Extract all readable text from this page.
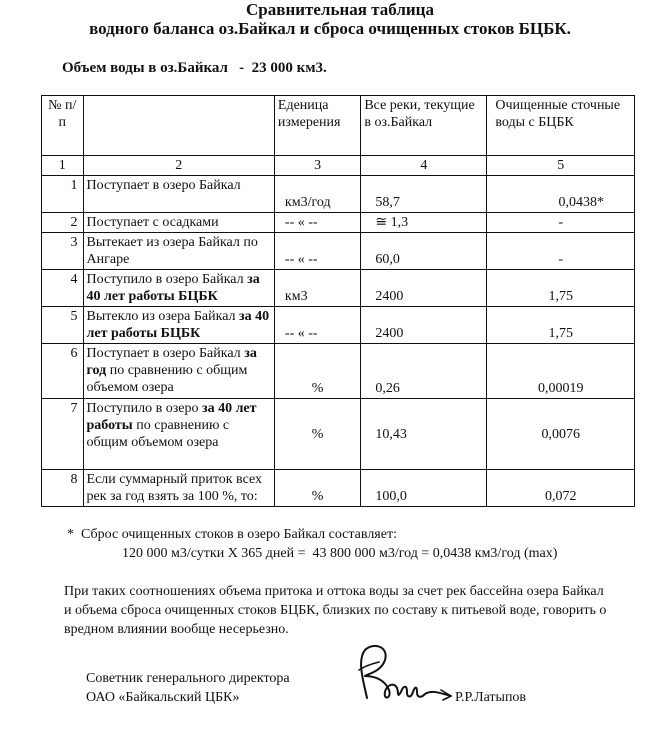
Сравнительная таблица
водного баланса оз.Байкал и сброса очищенных стоков БЦБК.
Объем воды в оз.Байкал   -  23 000 км3.
№ п/п		Еденица измерения	Все реки, текущие в оз.Байкал	Очищенные сточные воды с БЦБК
1	2	3	4	5
1	Поступает в озеро Байкал	км3/год	58,7	0,0438*
2	Поступает с осадками	-- « --	≅ 1,3	-
3	Вытекает из озера Байкал по Ангаре	-- « --	60,0	-
4	Поступило в озеро Байкал за 40 лет работы БЦБК	км3	2400	1,75
5	Вытекло из озера Байкал за 40 лет работы БЦБК	-- « --	2400	1,75
6	Поступает в озеро Байкал за год по сравнению с общим объемом озера	%	0,26	0,00019
7	Поступило в озеро за 40 лет работы по сравнению с общим объемом озера	%	10,43	0,0076
8	Если суммарный приток всех рек за год взять за 100 %, то:	%	100,0	0,072
*  Сброс очищенных стоков в озеро Байкал составляет:
120 000 м3/сутки Х 365 дней =  43 800 000 м3/год = 0,0438 км3/год (max)
При таких соотношениях объема притока и оттока воды за счет рек бассейна озера Байкал
и объема сброса очищенных стоков БЦБК, близких по составу к питьевой воде, говорить о
вредном влиянии вообще несерьезно.
Советник генерального директора
ОАО «Байкальский ЦБК»	Р.Р.Латыпов
